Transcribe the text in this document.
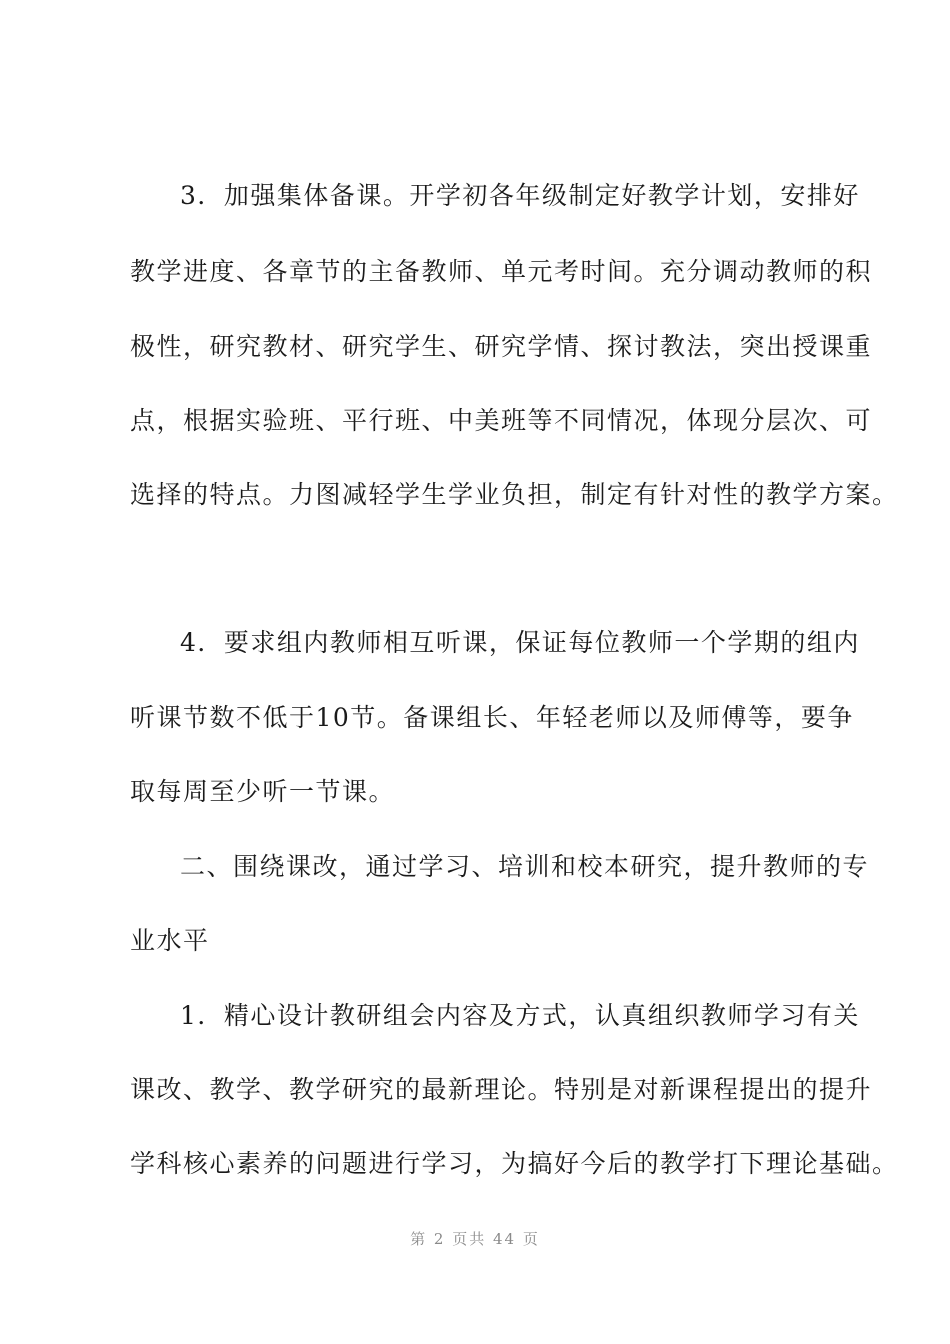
3．加强集体备课。开学初各年级制定好教学计划，安排好
教学进度、各章节的主备教师、单元考时间。充分调动教师的积
极性，研究教材、研究学生、研究学情、探讨教法，突出授课重
点，根据实验班、平行班、中美班等不同情况，体现分层次、可
选择的特点。力图减轻学生学业负担，制定有针对性的教学方案。
4．要求组内教师相互听课，保证每位教师一个学期的组内
听课节数不低于10节。备课组长、年轻老师以及师傅等，要争
取每周至少听一节课。
二、围绕课改，通过学习、培训和校本研究，提升教师的专
业水平
1．精心设计教研组会内容及方式，认真组织教师学习有关
课改、教学、教学研究的最新理论。特别是对新课程提出的提升
学科核心素养的问题进行学习，为搞好今后的教学打下理论基础。
第 2 页共 44 页
